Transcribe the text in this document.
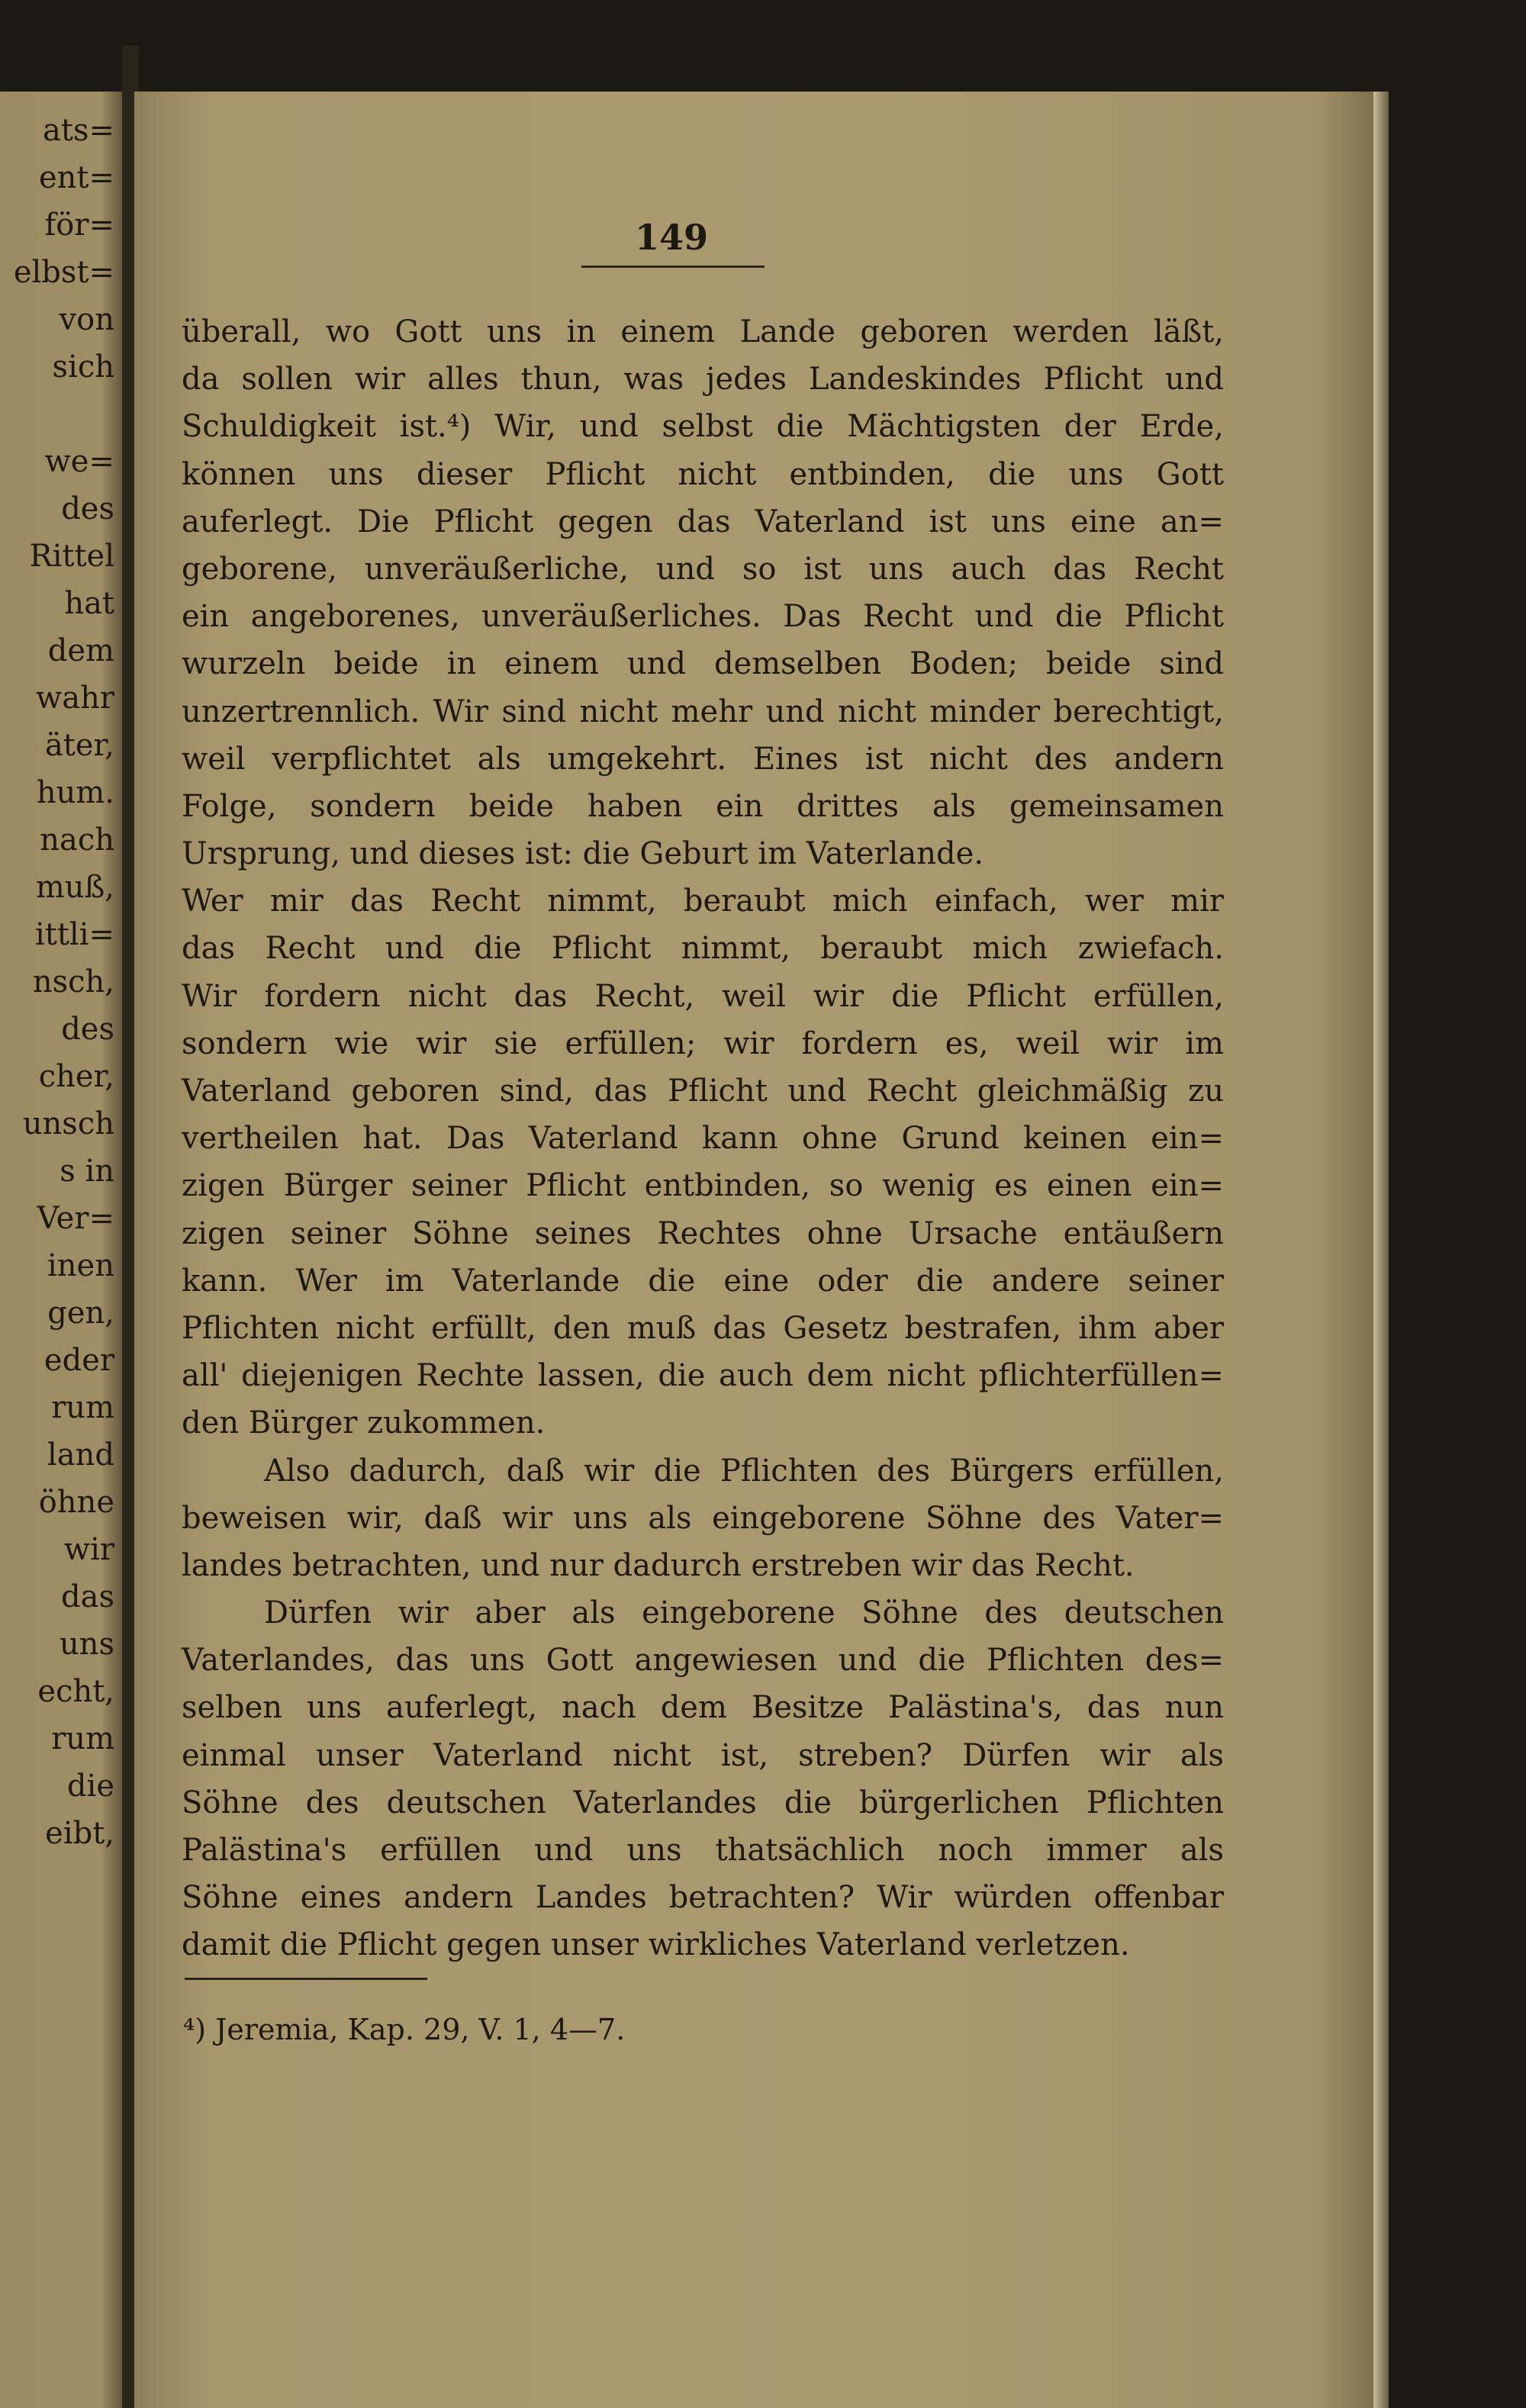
ats=
ent=
för=
elbst=
von
sich
we=
des
Rittel
hat
dem
wahr
äter,
hum.
nach
muß,
ittli=
nsch,
des
cher,
unsch
s in
Ver=
inen
gen,
eder
rum
land
öhne
wir
das
uns
echt,
rum
die
eibt,
149
überall, wo Gott uns in einem Lande geboren werden läßt,
da sollen wir alles thun, was jedes Landeskindes Pflicht und
Schuldigkeit ist.⁴) Wir, und selbst die Mächtigsten der Erde,
können uns dieser Pflicht nicht entbinden, die uns Gott
auferlegt. Die Pflicht gegen das Vaterland ist uns eine an=
geborene, unveräußerliche, und so ist uns auch das Recht
ein angeborenes, unveräußerliches. Das Recht und die Pflicht
wurzeln beide in einem und demselben Boden; beide sind
unzertrennlich. Wir sind nicht mehr und nicht minder berechtigt,
weil verpflichtet als umgekehrt. Eines ist nicht des andern
Folge, sondern beide haben ein drittes als gemeinsamen
Ursprung, und dieses ist: die Geburt im Vaterlande.
Wer mir das Recht nimmt, beraubt mich einfach, wer mir
das Recht und die Pflicht nimmt, beraubt mich zwiefach.
Wir fordern nicht das Recht, weil wir die Pflicht erfüllen,
sondern wie wir sie erfüllen; wir fordern es, weil wir im
Vaterland geboren sind, das Pflicht und Recht gleichmäßig zu
vertheilen hat. Das Vaterland kann ohne Grund keinen ein=
zigen Bürger seiner Pflicht entbinden, so wenig es einen ein=
zigen seiner Söhne seines Rechtes ohne Ursache entäußern
kann. Wer im Vaterlande die eine oder die andere seiner
Pflichten nicht erfüllt, den muß das Gesetz bestrafen, ihm aber
all' diejenigen Rechte lassen, die auch dem nicht pflichterfüllen=
den Bürger zukommen.
Also dadurch, daß wir die Pflichten des Bürgers erfüllen,
beweisen wir, daß wir uns als eingeborene Söhne des Vater=
landes betrachten, und nur dadurch erstreben wir das Recht.
Dürfen wir aber als eingeborene Söhne des deutschen
Vaterlandes, das uns Gott angewiesen und die Pflichten des=
selben uns auferlegt, nach dem Besitze Palästina's, das nun
einmal unser Vaterland nicht ist, streben? Dürfen wir als
Söhne des deutschen Vaterlandes die bürgerlichen Pflichten
Palästina's erfüllen und uns thatsächlich noch immer als
Söhne eines andern Landes betrachten? Wir würden offenbar
damit die Pflicht gegen unser wirkliches Vaterland verletzen.
⁴) Jeremia, Kap. 29, V. 1, 4—7.
